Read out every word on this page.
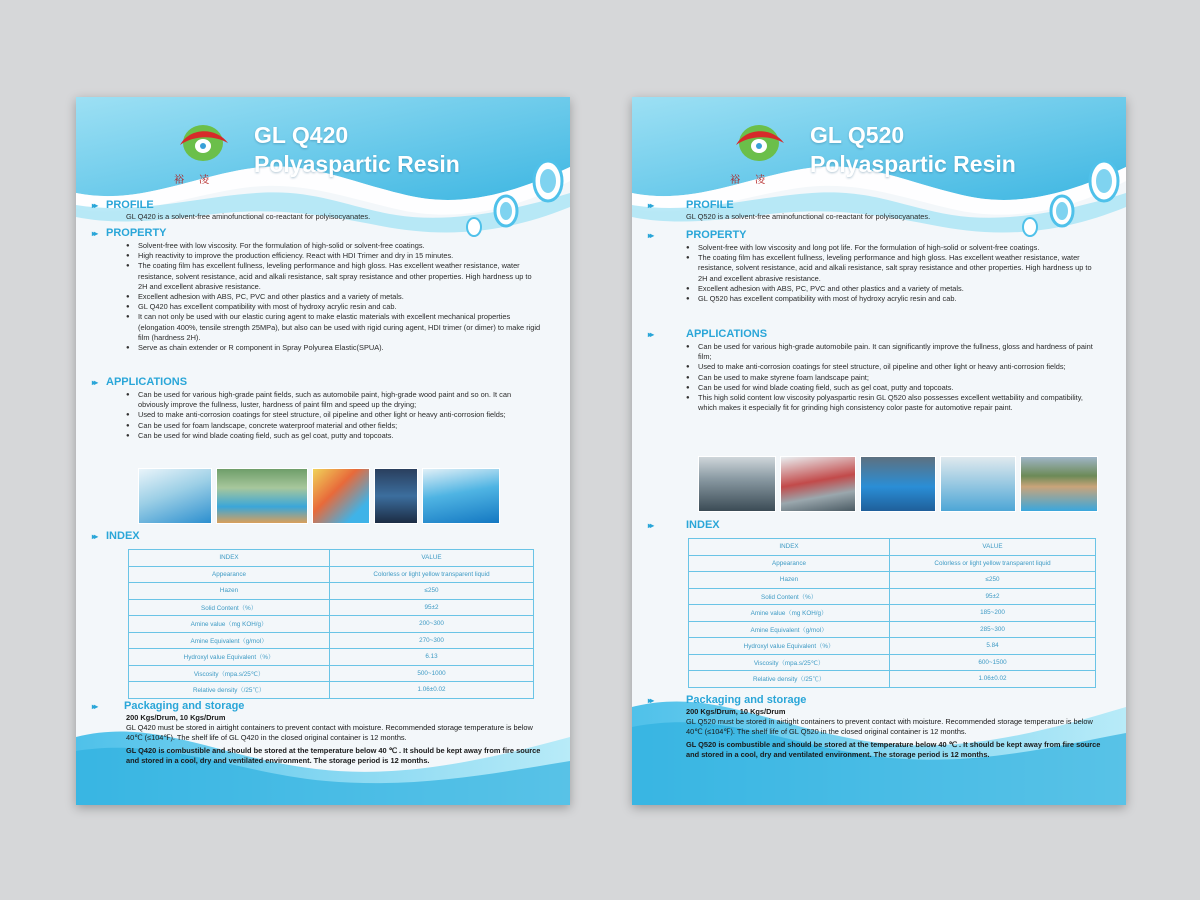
裕 凌
GL Q420
Polyaspartic Resin
▸▸ PROFILE
GL Q420 is a solvent-free aminofunctional co-reactant for polyisocyanates.
▸▸ PROPERTY
● Solvent-free with low viscosity. For the formulation of high-solid or solvent-free coatings.
● High reactivity to improve the production efficiency. React with HDI Trimer and dry in 15 minutes.
● The coating film has excellent fullness, leveling performance and high gloss. Has excellent weather resistance, water resistance, solvent resistance, acid and alkali resistance, salt spray resistance and other properties. High hardness up to 2H and excellent abrasive resistance.
● Excellent adhesion with ABS, PC, PVC and other plastics and a variety of metals.
● GL Q420 has excellent compatibility with most of hydroxy acrylic resin and cab.
● It can not only be used with our elastic curing agent to make elastic materials with excellent mechanical properties (elongation 400%, tensile strength 25MPa), but also can be used with rigid curing agent, HDI trimer (or dimer) to make rigid film (hardness 2H).
● Serve as chain extender or R component in Spray Polyurea Elastic(SPUA).
▸▸ APPLICATIONS
● Can be used for various high-grade paint fields, such as automobile paint, high-grade wood paint and so on. It can obviously improve the fullness, luster, hardness of paint film and speed up the drying;
● Used to make anti-corrosion coatings for steel structure, oil pipeline and other light or heavy anti-corrosion fields;
● Can be used for foam landscape, concrete waterproof material and other fields;
● Can be used for wind blade coating field, such as gel coat, putty and topcoats.
▸▸ INDEX
INDEX	VALUE
Appearance	Colorless or light yellow transparent liquid
Hazen	≤250
Solid Content（%）	95±2
Amine value（mg KOH/g）	200~300
Amine Equivalent（g/mol）	270~300
Hydroxyl value Equivalent（%）	6.13
Viscosity（mpa.s/25℃）	500~1000
Relative density（/25℃）	1.06±0.02
▸▸ Packaging and storage
200 Kgs/Drum, 10 Kgs/Drum
GL Q420 must be stored in airtight containers to prevent contact with moisture. Recommended storage temperature is below 40℃ (≤104℉). The shelf life of GL Q420 in the closed original container is 12 months.
GL Q420 is combustible and should be stored at the temperature below 40 ℃ . It should be kept away from fire source and stored in a cool, dry and ventilated environment. The storage period is 12 months.
裕 凌
GL Q520
Polyaspartic Resin
▸▸ PROFILE
GL Q520 is a solvent-free aminofunctional co-reactant for polyisocyanates.
▸▸ PROPERTY
● Solvent-free with low viscosity and long pot life. For the formulation of high-solid or solvent-free coatings.
● The coating film has excellent fullness, leveling performance and high gloss. Has excellent weather resistance, water resistance, solvent resistance, acid and alkali resistance, salt spray resistance and other properties. High hardness up to 2H and excellent abrasive resistance.
● Excellent adhesion with ABS, PC, PVC and other plastics and a variety of metals.
● GL Q520 has excellent compatibility with most of hydroxy acrylic resin and cab.
▸▸ APPLICATIONS
● Can be used for various high-grade automobile pain. It can significantly improve the fullness, gloss and hardness of paint film;
● Used to make anti-corrosion coatings for steel structure, oil pipeline and other light or heavy anti-corrosion fields;
● Can be used to make styrene foam landscape paint;
● Can be used for wind blade coating field, such as gel coat, putty and topcoats.
● This high solid content low viscosity polyaspartic resin GL Q520 also possesses excellent wettability and compatibility, which makes it especially fit for grinding high consistency color paste for automotive repair paint.
▸▸ INDEX
INDEX	VALUE
Appearance	Colorless or light yellow transparent liquid
Hazen	≤250
Solid Content（%）	95±2
Amine value（mg KOH/g）	185~200
Amine Equivalent（g/mol）	285~300
Hydroxyl value Equivalent（%）	5.84
Viscosity（mpa.s/25℃）	600~1500
Relative density（/25℃）	1.06±0.02
▸▸ Packaging and storage
200 Kgs/Drum, 10 Kgs/Drum
GL Q520 must be stored in airtight containers to prevent contact with moisture. Recommended storage temperature is below 40℃ (≤104℉). The shelf life of GL Q520 in the closed original container is 12 months.
GL Q520 is combustible and should be stored at the temperature below 40 ℃ . It should be kept away from fire source and stored in a cool, dry and ventilated environment. The storage period is 12 months.
